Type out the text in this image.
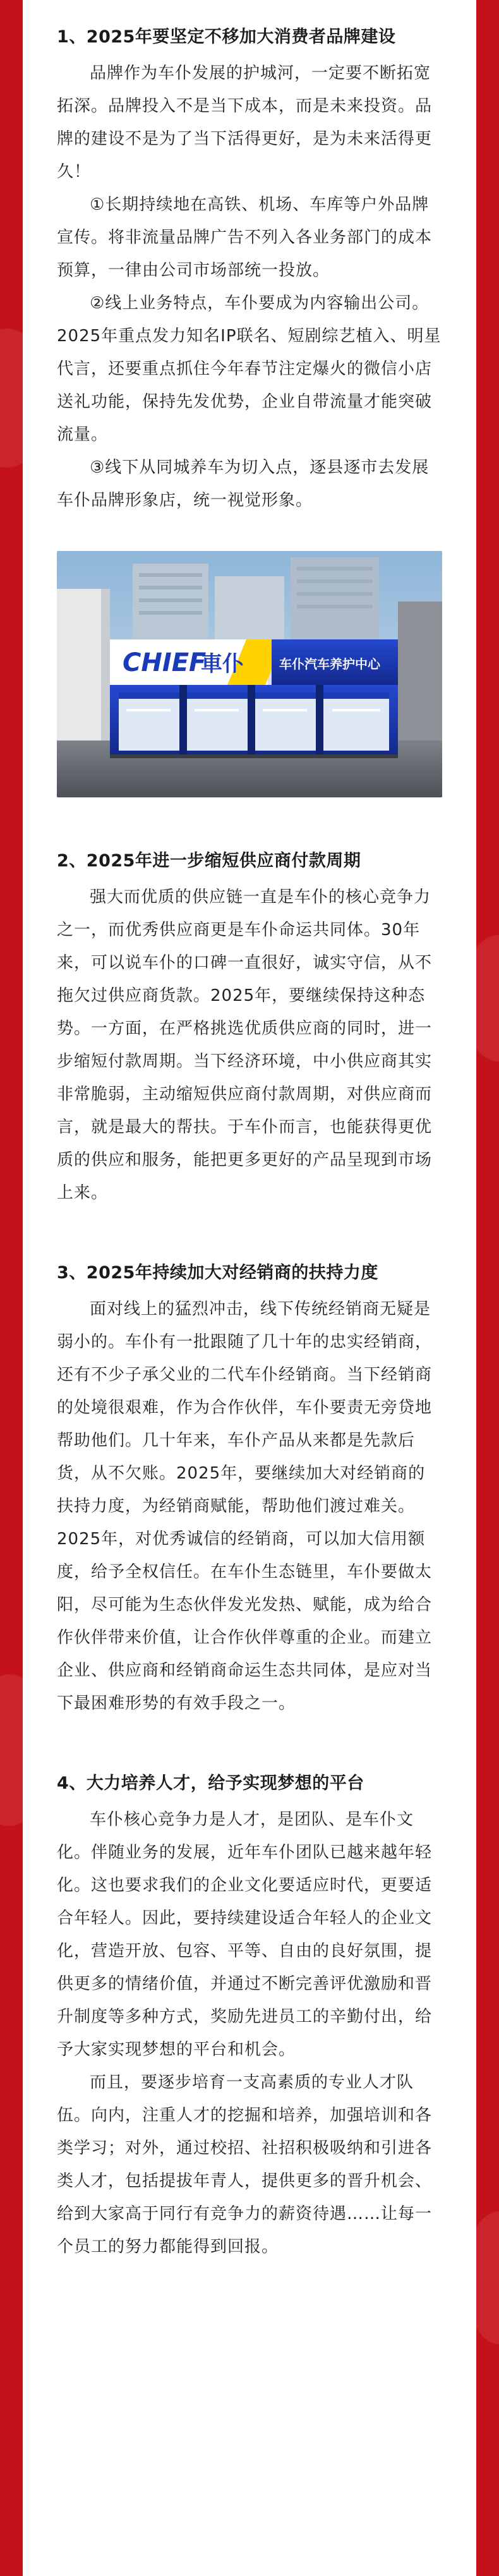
1、2025年要坚定不移加大消费者品牌建设

品牌作为车仆发展的护城河，一定要不断拓宽拓深。品牌投入不是当下成本，而是未来投资。品牌的建设不是为了当下活得更好，是为未来活得更久！

①长期持续地在高铁、机场、车库等户外品牌宣传。将非流量品牌广告不列入各业务部门的成本预算，一律由公司市场部统一投放。

②线上业务特点，车仆要成为内容输出公司。2025年重点发力知名IP联名、短剧综艺植入、明星代言，还要重点抓住今年春节注定爆火的微信小店送礼功能，保持先发优势，企业自带流量才能突破流量。

③线下从同城养车为切入点，逐县逐市去发展车仆品牌形象店，统一视觉形象。

CHIEF
車仆	车仆汽车养护中心
2、2025年进一步缩短供应商付款周期

强大而优质的供应链一直是车仆的核心竞争力之一，而优秀供应商更是车仆命运共同体。30年来，可以说车仆的口碑一直很好，诚实守信，从不拖欠过供应商货款。2025年，要继续保持这种态势。一方面，在严格挑选优质供应商的同时，进一步缩短付款周期。当下经济环境，中小供应商其实非常脆弱，主动缩短供应商付款周期，对供应商而言，就是最大的帮扶。于车仆而言，也能获得更优质的供应和服务，能把更多更好的产品呈现到市场上来。

3、2025年持续加大对经销商的扶持力度

面对线上的猛烈冲击，线下传统经销商无疑是弱小的。车仆有一批跟随了几十年的忠实经销商，还有不少子承父业的二代车仆经销商。当下经销商的处境很艰难，作为合作伙伴，车仆要责无旁贷地帮助他们。几十年来，车仆产品从来都是先款后货，从不欠账。2025年，要继续加大对经销商的扶持力度，为经销商赋能，帮助他们渡过难关。2025年，对优秀诚信的经销商，可以加大信用额度，给予全权信任。在车仆生态链里，车仆要做太阳，尽可能为生态伙伴发光发热、赋能，成为给合作伙伴带来价值，让合作伙伴尊重的企业。而建立企业、供应商和经销商命运生态共同体，是应对当下最困难形势的有效手段之一。

4、大力培养人才，给予实现梦想的平台

车仆核心竞争力是人才，是团队、是车仆文化。伴随业务的发展，近年车仆团队已越来越年轻化。这也要求我们的企业文化要适应时代，更要适合年轻人。因此，要持续建设适合年轻人的企业文化，营造开放、包容、平等、自由的良好氛围，提供更多的情绪价值，并通过不断完善评优激励和晋升制度等多种方式，奖励先进员工的辛勤付出，给予大家实现梦想的平台和机会。

而且，要逐步培育一支高素质的专业人才队伍。向内，注重人才的挖掘和培养，加强培训和各类学习；对外，通过校招、社招积极吸纳和引进各类人才，包括提拔年青人，提供更多的晋升机会、给到大家高于同行有竞争力的薪资待遇……让每一个员工的努力都能得到回报。
